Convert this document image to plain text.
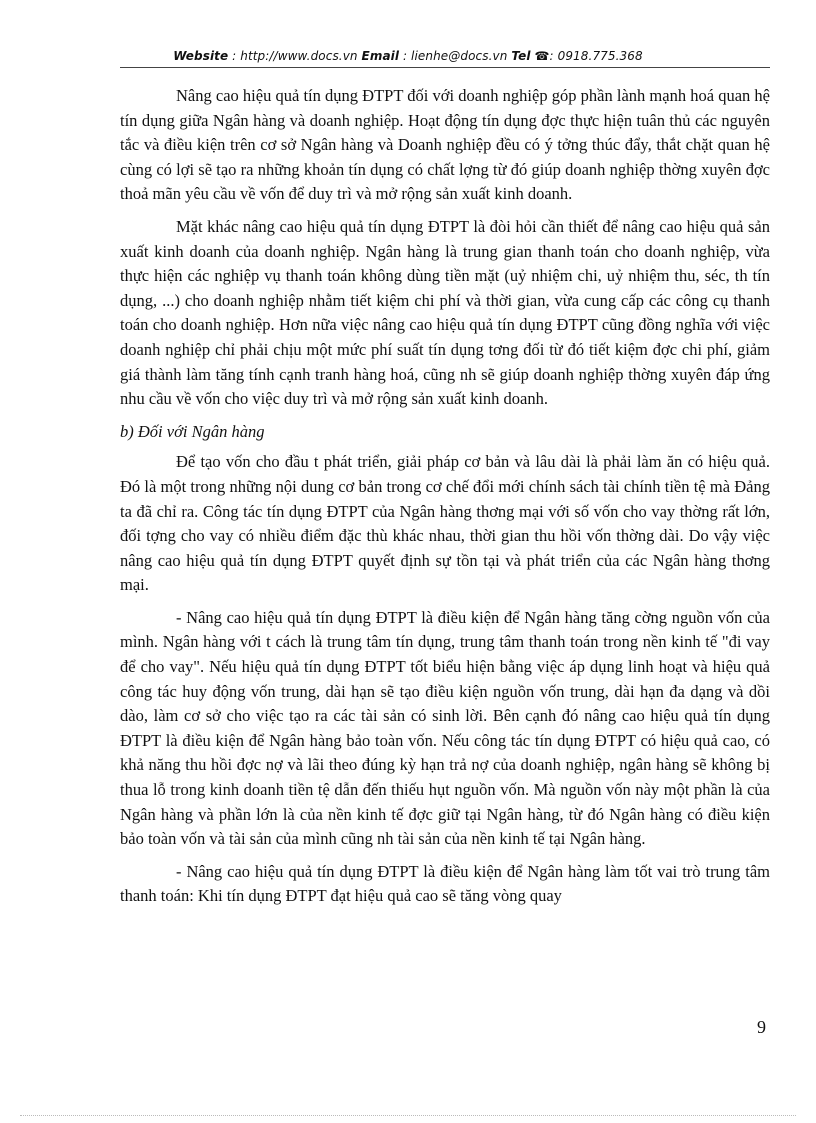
Website : http://www.docs.vn Email : lienhe@docs.vn Tel ☎: 0918.775.368

Nâng cao hiệu quả tín dụng ĐTPT đối với doanh nghiệp góp phần lành mạnh hoá quan hệ tín dụng giữa Ngân hàng và doanh nghiệp. Hoạt động tín dụng đợc thực hiện tuân thủ các nguyên tắc và điều kiện trên cơ sở Ngân hàng và Doanh nghiệp đều có ý tởng thúc đẩy, thắt chặt quan hệ cùng có lợi sẽ tạo ra những khoản tín dụng có chất lợng từ đó giúp doanh nghiệp thờng xuyên đợc thoả mãn yêu cầu về vốn để duy trì và mở rộng sản xuất kinh doanh.

Mặt khác nâng cao hiệu quả tín dụng ĐTPT là đòi hỏi cần thiết để nâng cao hiệu quả sản xuất kinh doanh của doanh nghiệp. Ngân hàng là trung gian thanh toán cho doanh nghiệp, vừa thực hiện các nghiệp vụ thanh toán không dùng tiền mặt (uỷ nhiệm chi, uỷ nhiệm thu, séc, th tín dụng, ...) cho doanh nghiệp nhằm tiết kiệm chi phí và thời gian, vừa cung cấp các công cụ thanh toán cho doanh nghiệp. Hơn nữa việc nâng cao hiệu quả tín dụng ĐTPT cũng đồng nghĩa với việc doanh nghiệp chỉ phải chịu một mức phí suất tín dụng tơng đối từ đó tiết kiệm đợc chi phí, giảm giá thành làm tăng tính cạnh tranh hàng hoá, cũng nh sẽ giúp doanh nghiệp thờng xuyên đáp ứng nhu cầu về vốn cho việc duy trì và mở rộng sản xuất kinh doanh.

b) Đối với Ngân hàng

Để tạo vốn cho đầu t phát triển, giải pháp cơ bản và lâu dài là phải làm ăn có hiệu quả. Đó là một trong những nội dung cơ bản trong cơ chế đổi mới chính sách tài chính tiền tệ mà Đảng ta đã chỉ ra. Công tác tín dụng ĐTPT của Ngân hàng thơng mại với số vốn cho vay thờng rất lớn, đối tợng cho vay có nhiều điểm đặc thù khác nhau, thời gian thu hồi vốn thờng dài. Do vậy việc nâng cao hiệu quả tín dụng ĐTPT quyết định sự tồn tại và phát triển của các Ngân hàng thơng mại.

- Nâng cao hiệu quả tín dụng ĐTPT là điều kiện để Ngân hàng tăng cờng nguồn vốn của mình. Ngân hàng với t cách là trung tâm tín dụng, trung tâm thanh toán trong nền kinh tế "đi vay để cho vay". Nếu hiệu quả tín dụng ĐTPT tốt biểu hiện bằng việc áp dụng linh hoạt và hiệu quả công tác huy động vốn trung, dài hạn sẽ tạo điều kiện nguồn vốn trung, dài hạn đa dạng và dồi dào, làm cơ sở cho việc tạo ra các tài sản có sinh lời. Bên cạnh đó nâng cao hiệu quả tín dụng ĐTPT là điều kiện để Ngân hàng bảo toàn vốn. Nếu công tác tín dụng ĐTPT có hiệu quả cao, có khả năng thu hồi đợc nợ và lãi theo đúng kỳ hạn trả nợ của doanh nghiệp, ngân hàng sẽ không bị thua lỗ trong kinh doanh tiền tệ dẫn đến thiếu hụt nguồn vốn. Mà nguồn vốn này một phần là của Ngân hàng và phần lớn là của nền kinh tế đợc giữ tại Ngân hàng, từ đó Ngân hàng có điều kiện bảo toàn vốn và tài sản của mình cũng nh tài sản của nền kinh tế tại Ngân hàng.

- Nâng cao hiệu quả tín dụng ĐTPT là điều kiện để Ngân hàng làm tốt vai trò trung tâm thanh toán: Khi tín dụng ĐTPT đạt hiệu quả cao sẽ tăng vòng quay

9
